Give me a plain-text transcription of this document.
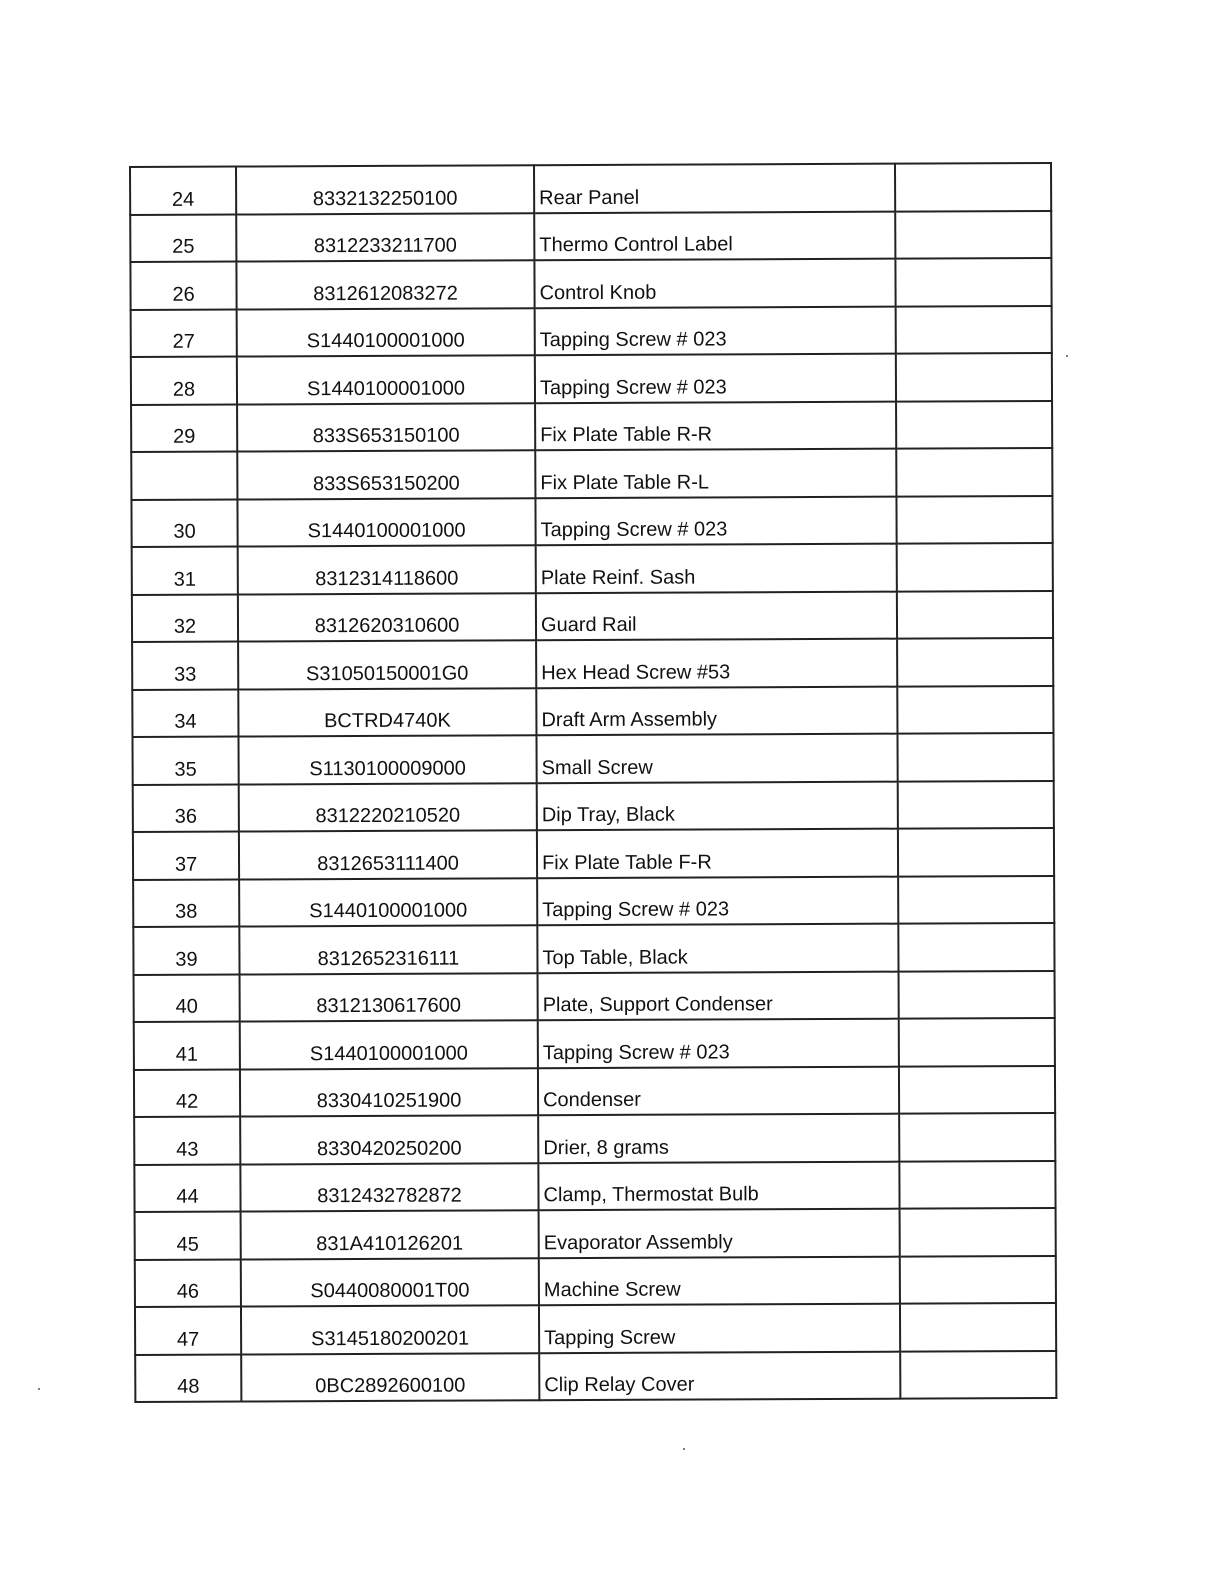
24	8332132250100	Rear Panel	
25	8312233211700	Thermo Control Label	
26	8312612083272	Control Knob	
27	S1440100001000	Tapping Screw # 023	
28	S1440100001000	Tapping Screw # 023	
29	833S653150100	Fix Plate Table R-R	
	833S653150200	Fix Plate Table R-L	
30	S1440100001000	Tapping Screw # 023	
31	8312314118600	Plate Reinf. Sash	
32	8312620310600	Guard Rail	
33	S31050150001G0	Hex Head Screw #53	
34	BCTRD4740K	Draft Arm Assembly	
35	S1130100009000	Small Screw	
36	8312220210520	Dip Tray, Black	
37	8312653111400	Fix Plate Table F-R	
38	S1440100001000	Tapping Screw # 023	
39	8312652316111	Top Table, Black	
40	8312130617600	Plate, Support Condenser	
41	S1440100001000	Tapping Screw # 023	
42	8330410251900	Condenser	
43	8330420250200	Drier, 8 grams	
44	8312432782872	Clamp, Thermostat Bulb	
45	831A410126201	Evaporator Assembly	
46	S0440080001T00	Machine Screw	
47	S3145180200201	Tapping Screw	
48	0BC2892600100	Clip Relay Cover	
